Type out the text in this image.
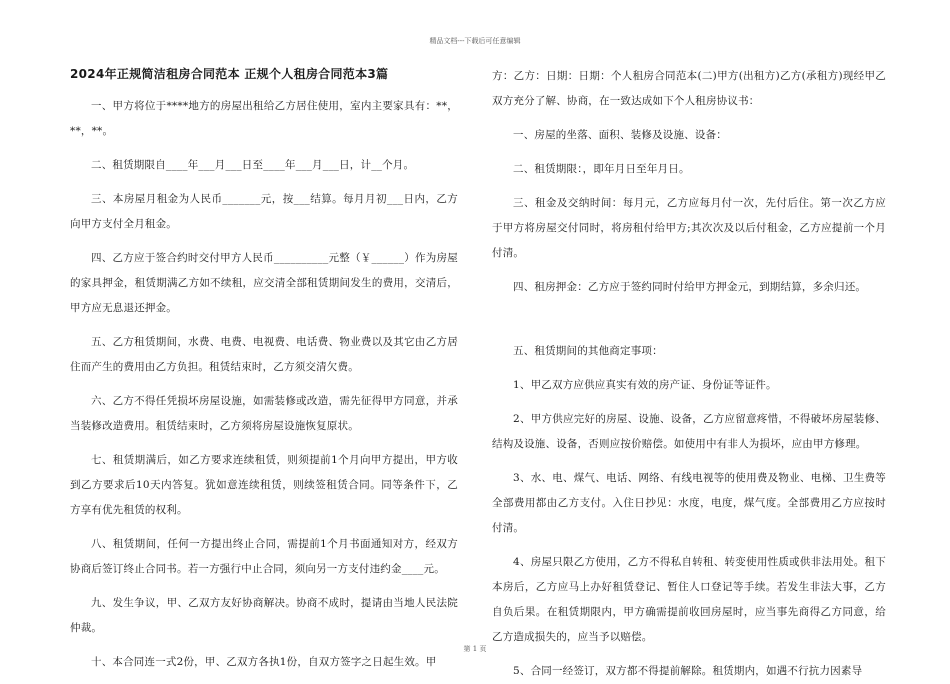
精品文档---下载后可任意编辑
2024年正规简洁租房合同范本 正规个人租房合同范本3篇

一、甲方将位于****地方的房屋出租给乙方居住使用，室内主要家具有：**，**，**。

二、租赁期限自____年___月___日至____年___月___日，计__个月。

三、本房屋月租金为人民币_______元，按___结算。每月月初___日内，乙方向甲方支付全月租金。

四、乙方应于签合约时交付甲方人民币__________元整（￥______）作为房屋的家具押金，租赁期满乙方如不续租，应交清全部租赁期间发生的费用，交清后，甲方应无息退还押金。

五、乙方租赁期间，水费、电费、电视费、电话费、物业费以及其它由乙方居住而产生的费用由乙方负担。租赁结束时，乙方须交清欠费。

六、乙方不得任凭损坏房屋设施，如需装修或改造，需先征得甲方同意，并承当装修改造费用。租赁结束时，乙方须将房屋设施恢复原状。

七、租赁期满后，如乙方要求连续租赁，则须提前1个月向甲方提出，甲方收到乙方要求后10天内答复。犹如意连续租赁，则续签租赁合同。同等条件下，乙方享有优先租赁的权利。

八、租赁期间，任何一方提出终止合同，需提前1个月书面通知对方，经双方协商后签订终止合同书。若一方强行中止合同，须向另一方支付违约金____元。

九、发生争议，甲、乙双方友好协商解决。协商不成时，提请由当地人民法院仲裁。

十、本合同连一式2份，甲、乙双方各执1份，自双方签字之日起生效。甲

方：乙方：日期：日期：个人租房合同范本(二)甲方(出租方)乙方(承租方)现经甲乙双方充分了解、协商，在一致达成如下个人租房协议书：

一、房屋的坐落、面积、装修及设施、设备：

二、租赁期限：，即年月日至年月日。

三、租金及交纳时间：每月元，乙方应每月付一次，先付后住。第一次乙方应于甲方将房屋交付同时，将房租付给甲方;其次次及以后付租金，乙方应提前一个月付清。

四、租房押金：乙方应于签约同时付给甲方押金元，到期结算，多余归还。

五、租赁期间的其他商定事项：

1、甲乙双方应供应真实有效的房产证、身份证等证件。

2、甲方供应完好的房屋、设施、设备，乙方应留意疼惜，不得破坏房屋装修、结构及设施、设备，否则应按价赔偿。如使用中有非人为损坏，应由甲方修理。

3、水、电、煤气、电话、网络、有线电视等的使用费及物业、电梯、卫生费等全部费用都由乙方支付。入住日抄见：水度，电度，煤气度。全部费用乙方应按时付清。

4、房屋只限乙方使用，乙方不得私自转租、转变使用性质或供非法用处。租下本房后，乙方应马上办好租赁登记、暂住人口登记等手续。若发生非法大事，乙方自负后果。在租赁期限内，甲方确需提前收回房屋时，应当事先商得乙方同意，给乙方造成损失的，应当予以赔偿。

5、合同一经签订，双方都不得提前解除。租赁期内，如遇不行抗力因素导

第 1 页
